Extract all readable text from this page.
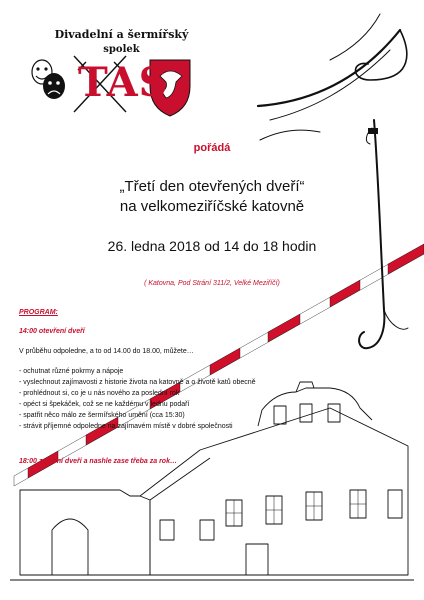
Divadelní a šermířský
spolek
TAS
pořádá
„Třetí den otevřených dveří“
na velkomeziříčské katovně
26. ledna 2018 od 14 do 18 hodin
( Katovna, Pod Strání 311/2, Velké Meziříčí)
PROGRAM:
14:00 otevření dveří
V průběhu odpoledne, a to od 14.00 do 18.00, můžete…
- ochutnat různé pokrmy a nápoje
- vyslechnout zajímavosti z historie života na katovně a o životě katů obecně
- prohlédnout si, co je u nás nového za poslední rok
- opéct si špekáček, což se ne každému v lednu podaří
- spatřit něco málo ze šermířského umění (cca 15:30)
- strávit příjemné odpoledne na zajímavém místě v dobré společnosti
18:00 zavření dveří a nashle zase třeba za rok…
